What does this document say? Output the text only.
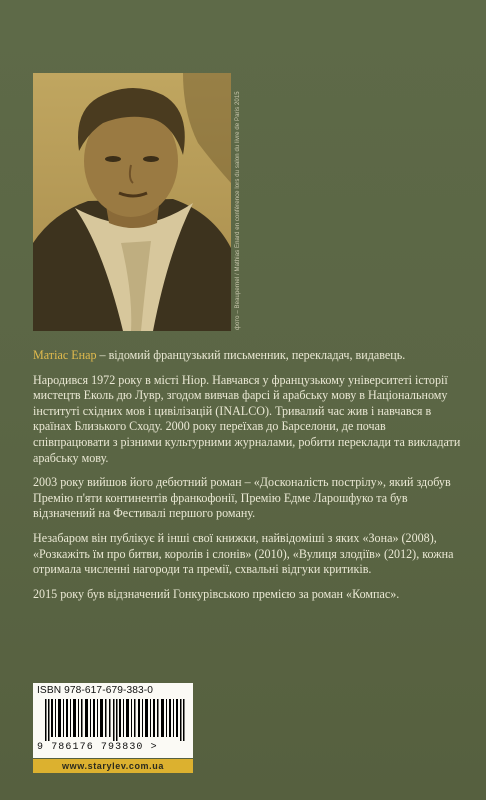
фото – Beaupernel / Mathias Énard en conférence lors du salon du livre de Paris 2015

Матіас Енар – відомий французький письменник, перекладач, видавець.

Народився 1972 року в місті Ніор. Навчався у французькому університеті історії мистецтв Еколь дю Лувр, згодом вивчав фарсі й арабську мову в Національному інституті східних мов і цивілізацій (INALCO). Тривалий час жив і навчався в країнах Близького Сходу. 2000 року переїхав до Барселони, де почав співпрацювати з різними культурними журналами, робити переклади та викладати арабську мову.

2003 року вийшов його дебютний роман – «Досконалість пострілу», який здобув Премію п'яти континентів франкофонії, Премію Едме Ларошфуко та був відзначений на Фестивалі першого роману.

Незабаром він публікує й інші свої книжки, найвідоміші з яких «Зона» (2008), «Розкажіть їм про битви, королів і слонів» (2010), «Вулиця злодіїв» (2012), кожна отримала численні нагороди та премії, схвальні відгуки критиків.

2015 року був відзначений Гонкурівською премією за роман «Компас».

ISBN 978-617-679-383-0
9 786176 793830 >
www.starylev.com.ua
